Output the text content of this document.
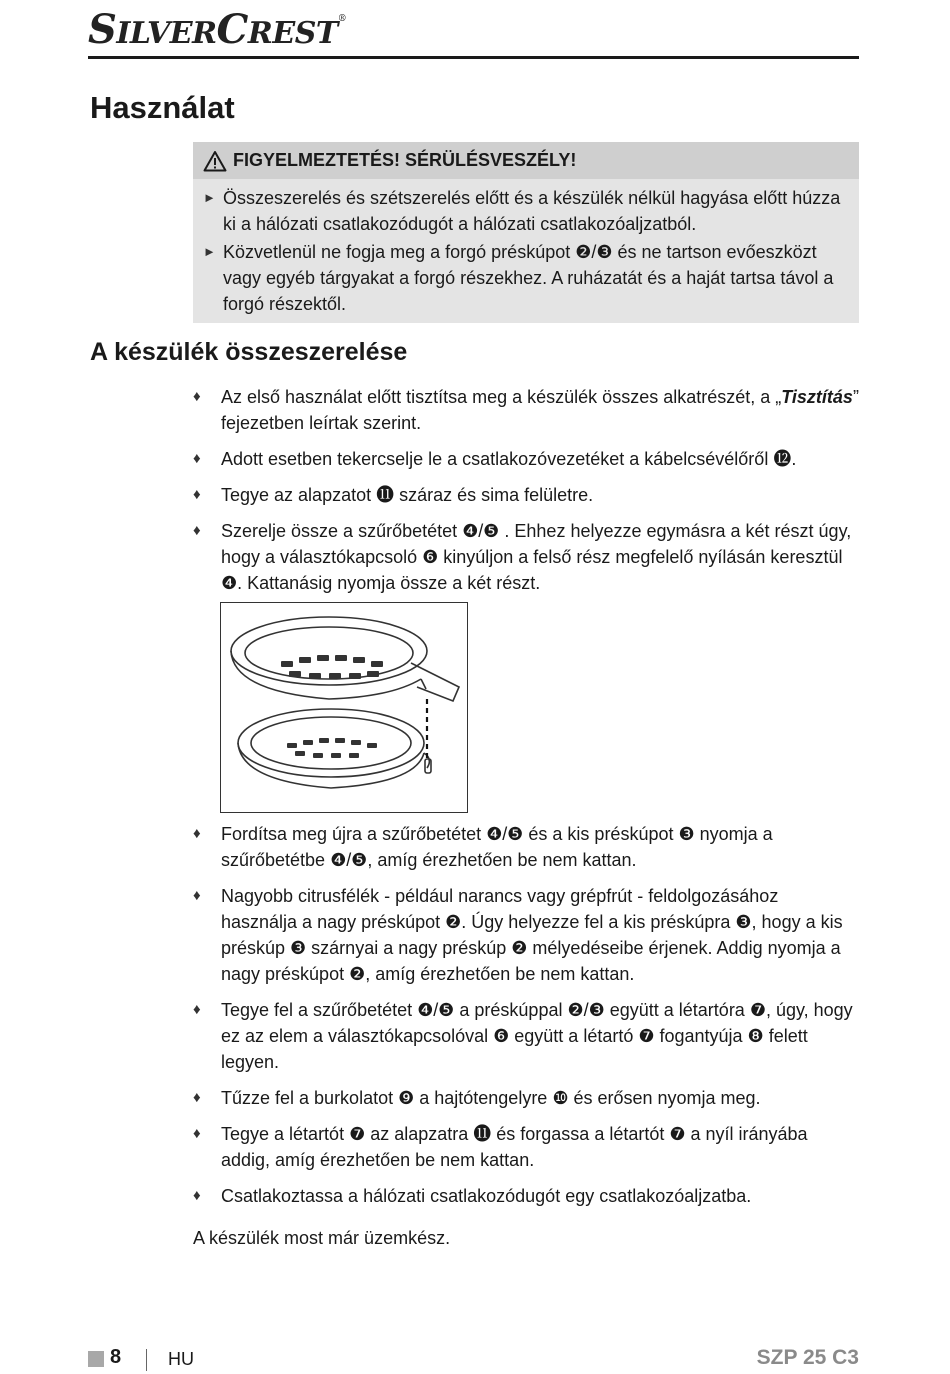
SILVERCREST®
Használat
FIGYELMEZTETÉS! SÉRÜLÉSVESZÉLY!
► Összeszerelés és szétszerelés előtt és a készülék nélkül hagyása előtt húzza ki a hálózati csatlakozódugót a hálózati csatlakozóaljzatból.
► Közvetlenül ne fogja meg a forgó préskúpot ❷/❸ és ne tartson evőeszközt vagy egyéb tárgyakat a forgó részekhez. A ruházatát és a haját tartsa távol a forgó részektől.
A készülék összeszerelése
♦ Az első használat előtt tisztítsa meg a készülék összes alkatrészét, a „Tisztítás” fejezetben leírtak szerint.
♦ Adott esetben tekercselje le a csatlakozóvezetéket a kábelcsévélőről ⓬.
♦ Tegye az alapzatot ⓫ száraz és sima felületre.
♦ Szerelje össze a szűrőbetétet ❹/❺ . Ehhez helyezze egymásra a két részt úgy, hogy a választókapcsoló ❻ kinyúljon a felső rész megfelelő nyílásán keresztül ❹. Kattanásig nyomja össze a két részt.
♦ Fordítsa meg újra a szűrőbetétet ❹/❺ és a kis préskúpot ❸ nyomja a szűrőbetétbe ❹/❺, amíg érezhetően be nem kattan.
♦ Nagyobb citrusfélék - például narancs vagy grépfrút - feldolgozásához használja a nagy préskúpot ❷. Úgy helyezze fel a kis préskúpra ❸, hogy a kis préskúp ❸ szárnyai a nagy préskúp ❷ mélyedéseibe érjenek. Addig nyomja a nagy préskúpot ❷, amíg érezhetően be nem kattan.
♦ Tegye fel a szűrőbetétet ❹/❺ a préskúppal ❷/❸ együtt a létartóra ❼, úgy, hogy ez az elem a választókapcsolóval ❻ együtt a létartó ❼ fogantyúja ❽ felett legyen.
♦ Tűzze fel a burkolatot ❾ a hajtótengelyre ❿ és erősen nyomja meg.
♦ Tegye a létartót ❼ az alapzatra ⓫ és forgassa a létartót ❼ a nyíl irányába addig, amíg érezhetően be nem kattan.
♦ Csatlakoztassa a hálózati csatlakozódugót egy csatlakozóaljzatba.
A készülék most már üzemkész.
8	HU	SZP 25 C3
